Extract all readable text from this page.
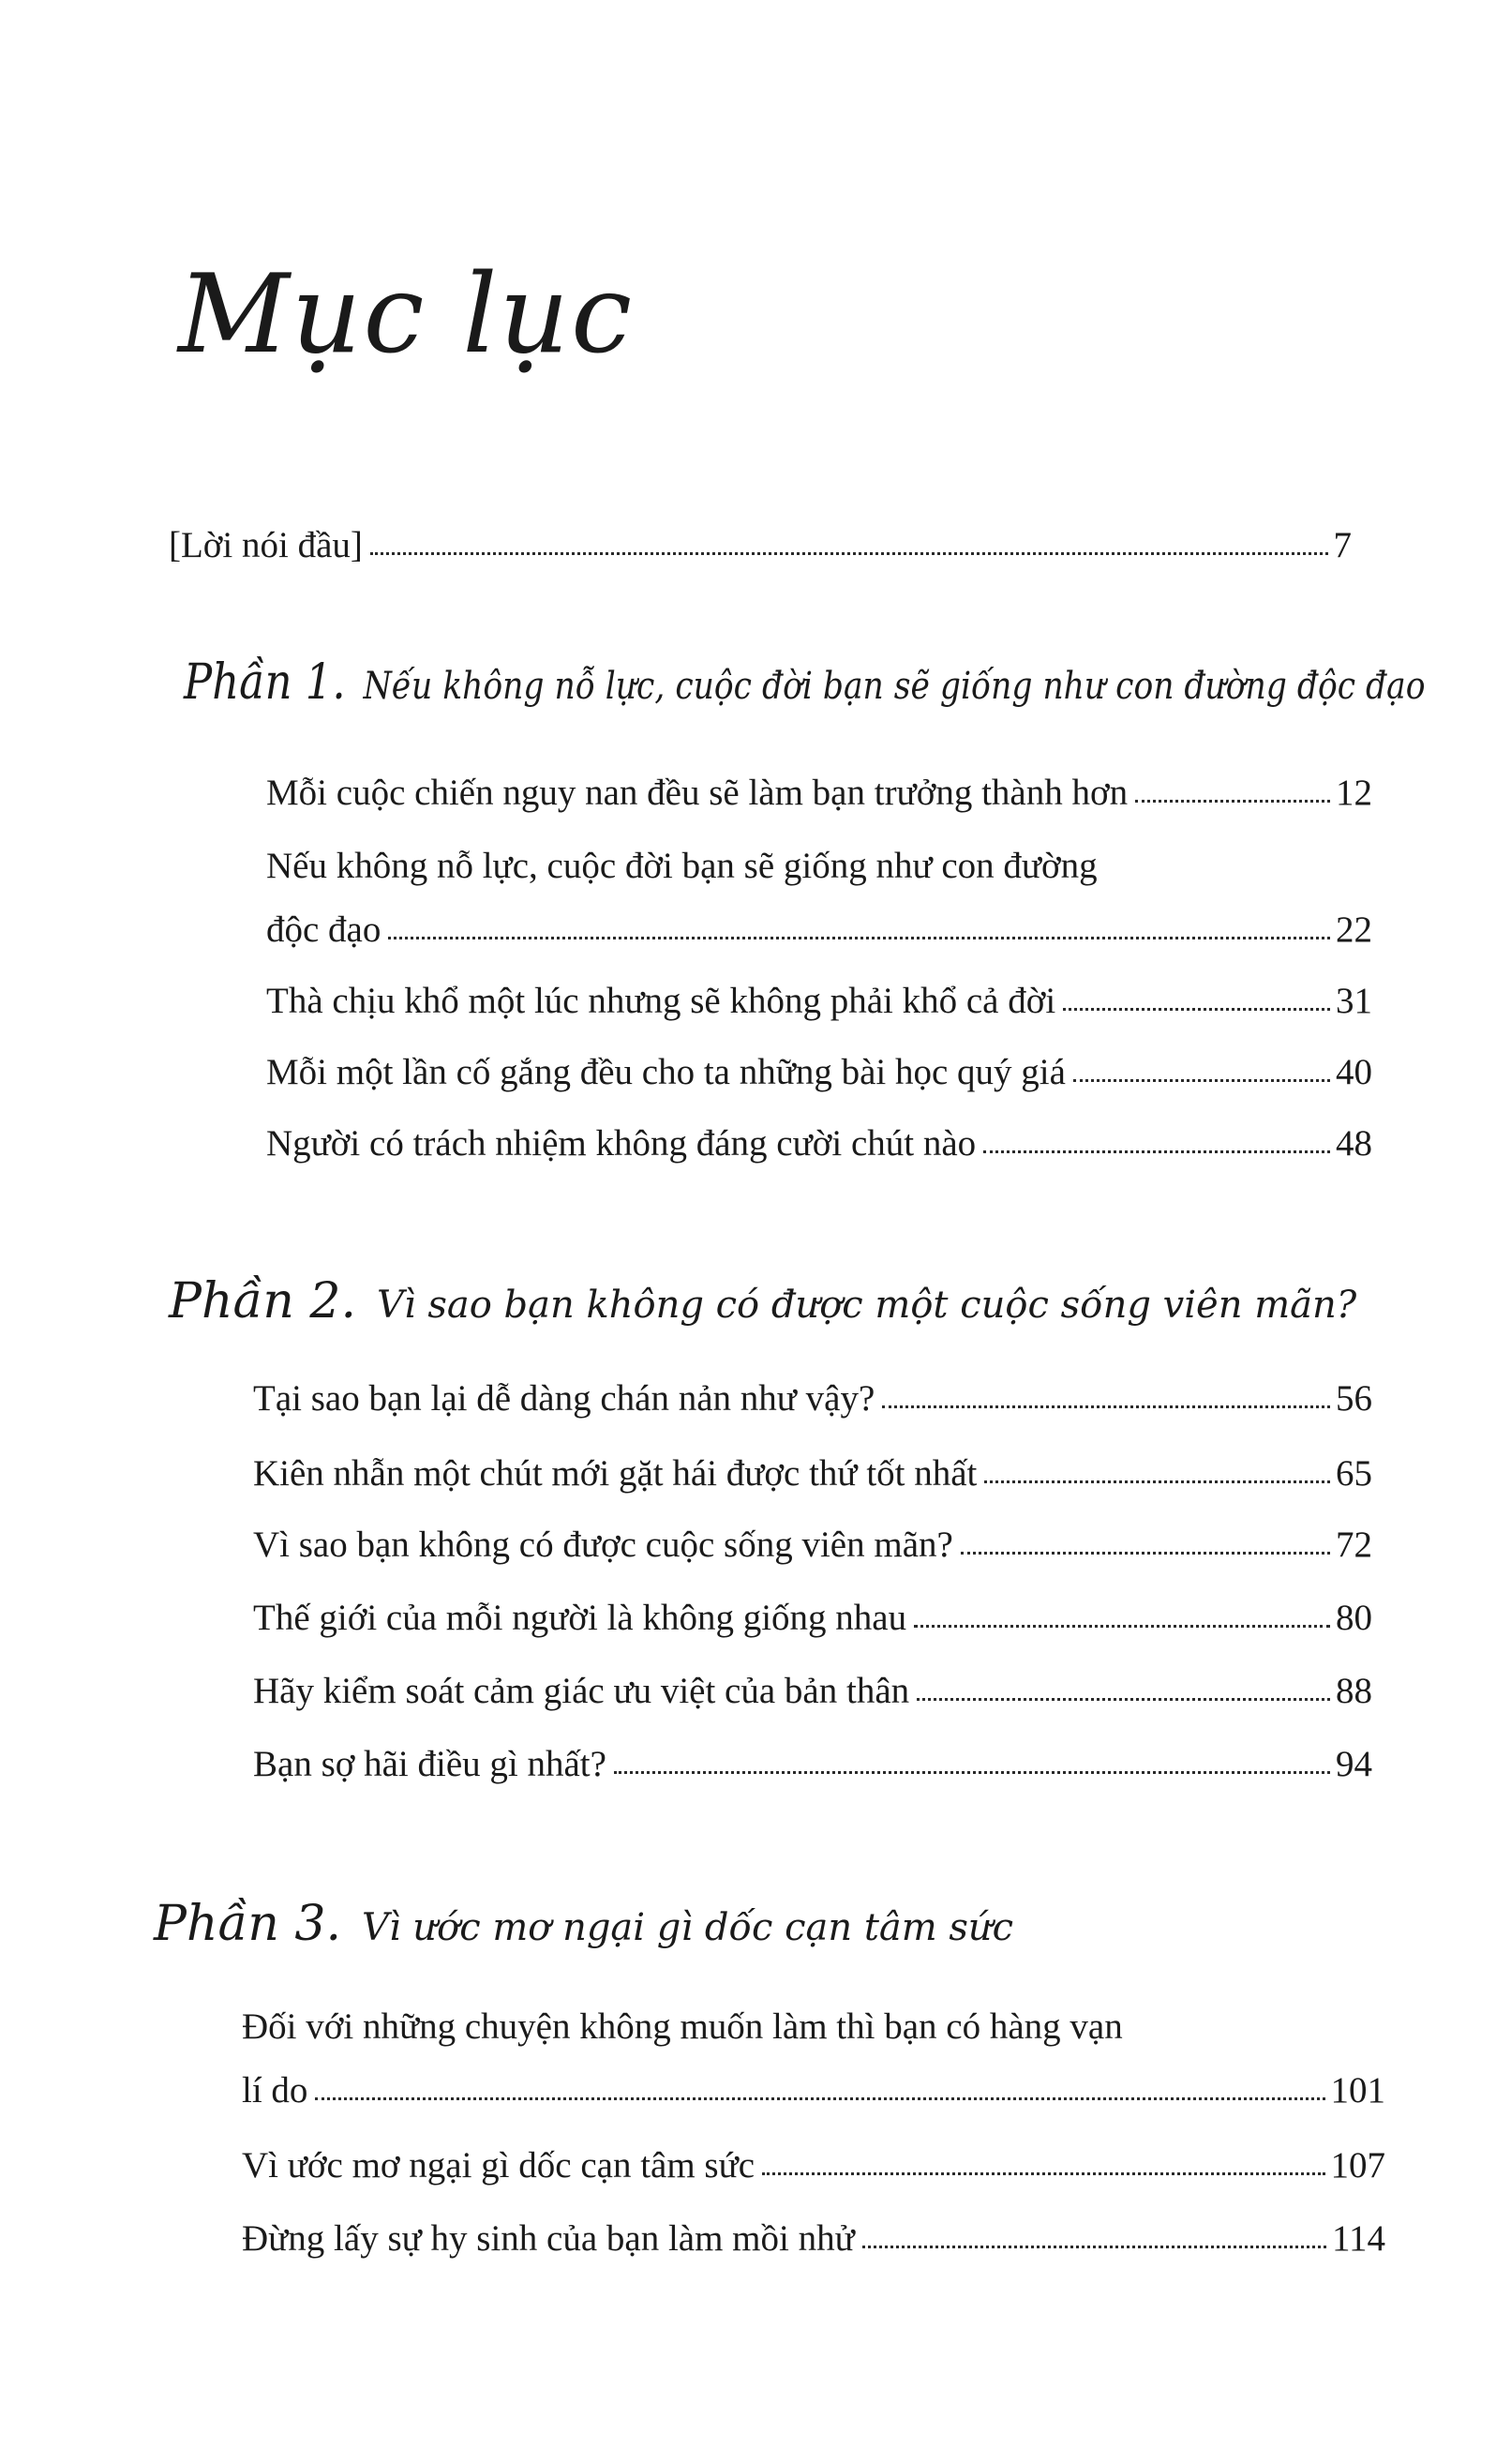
Mục lục
[Lời nói đầu]	7
Phần 1. Nếu không nỗ lực, cuộc đời bạn sẽ giống như con đường độc đạo
Mỗi cuộc chiến nguy nan đều sẽ làm bạn trưởng thành hơn	12
Nếu không nỗ lực, cuộc đời bạn sẽ giống như con đường
độc đạo	22
Thà chịu khổ một lúc nhưng sẽ không phải khổ cả đời	31
Mỗi một lần cố gắng đều cho ta những bài học quý giá	40
Người có trách nhiệm không đáng cười chút nào	48
Phần 2. Vì sao bạn không có được một cuộc sống viên mãn?
Tại sao bạn lại dễ dàng chán nản như vậy?	56
Kiên nhẫn một chút mới gặt hái được thứ tốt nhất	65
Vì sao bạn không có được cuộc sống viên mãn?	72
Thế giới của mỗi người là không giống nhau	80
Hãy kiểm soát cảm giác ưu việt của bản thân	88
Bạn sợ hãi điều gì nhất?	94
Phần 3. Vì ước mơ ngại gì dốc cạn tâm sức
Đối với những chuyện không muốn làm thì bạn có hàng vạn
lí do	101
Vì ước mơ ngại gì dốc cạn tâm sức	107
Đừng lấy sự hy sinh của bạn làm mồi nhử	114
